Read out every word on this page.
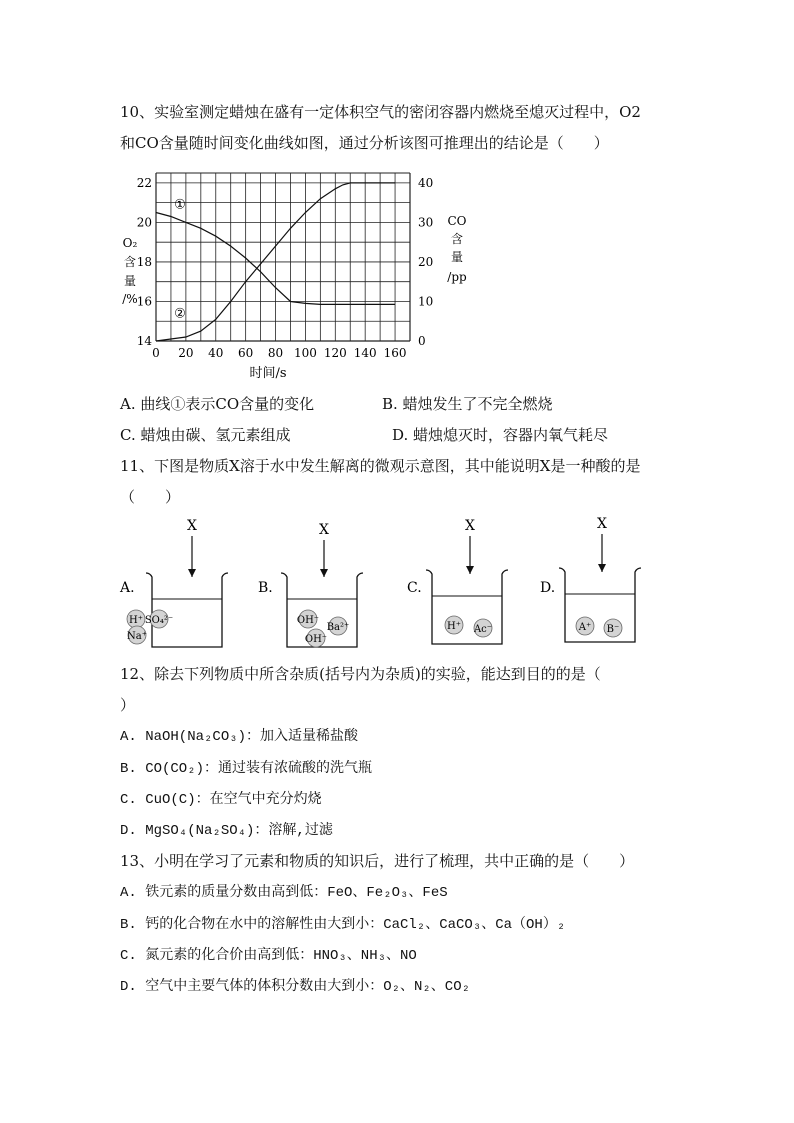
10、实验室测定蜡烛在盛有一定体积空气的密闭容器内燃烧至熄灭过程中，O2
和CO含量随时间变化曲线如图，通过分析该图可推理出的结论是（　　）
0 20 40 60 80 100 120 140 160
14
16
18
20
22
0
10
20
30
40
O₂
含
量
/%
CO
含
量
/pp
时间/s
①
②
A. 曲线①表示CO含量的变化	B. 蜡烛发生了不完全燃烧
C. 蜡烛由碳、氢元素组成	D. 蜡烛熄灭时，容器内氧气耗尽
11、下图是物质X溶于水中发生解离的微观示意图，其中能说明X是一种酸的是
（　　）
A.
X
H⁺ SO₄²⁻
Na⁺
B.
X
OH⁻
Ba²⁺
OH⁻
C.
X
H⁺ Ac⁻
D.
X
A⁺ B⁻
12、除去下列物质中所含杂质(括号内为杂质)的实验，能达到目的的是（
）
A. NaOH(Na₂CO₃)：加入适量稀盐酸
B. CO(CO₂)：通过装有浓硫酸的洗气瓶
C. CuO(C)：在空气中充分灼烧
D. MgSO₄(Na₂SO₄)：溶解,过滤
13、小明在学习了元素和物质的知识后，进行了梳理，共中正确的是（　　）
A. 铁元素的质量分数由高到低：FeO、Fe₂O₃、FeS
B. 钙的化合物在水中的溶解性由大到小：CaCl₂、CaCO₃、Ca（OH）₂
C. 氮元素的化合价由高到低：HNO₃、NH₃、NO
D. 空气中主要气体的体积分数由大到小：O₂、N₂、CO₂
